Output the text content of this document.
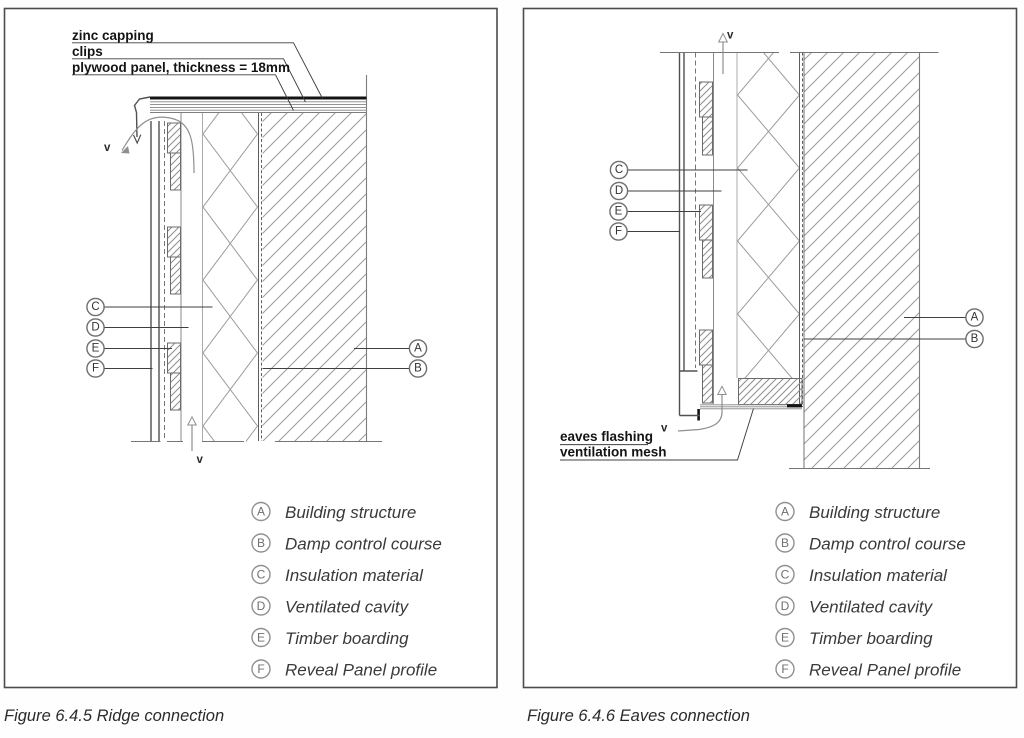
v
v
zinc capping
clips
plywood panel, thickness = 18mm
C
D
E
F
A
B
A Building structure
B Damp control course
C Insulation material
D Ventilated cavity
E Timber boarding
F Reveal Panel profile
Figure 6.4.5 Ridge connection
v
v
eaves flashing
ventilation mesh
C
D
E
F
A
B
A Building structure
B Damp control course
C Insulation material
D Ventilated cavity
E Timber boarding
F Reveal Panel profile
Figure 6.4.6 Eaves connection
